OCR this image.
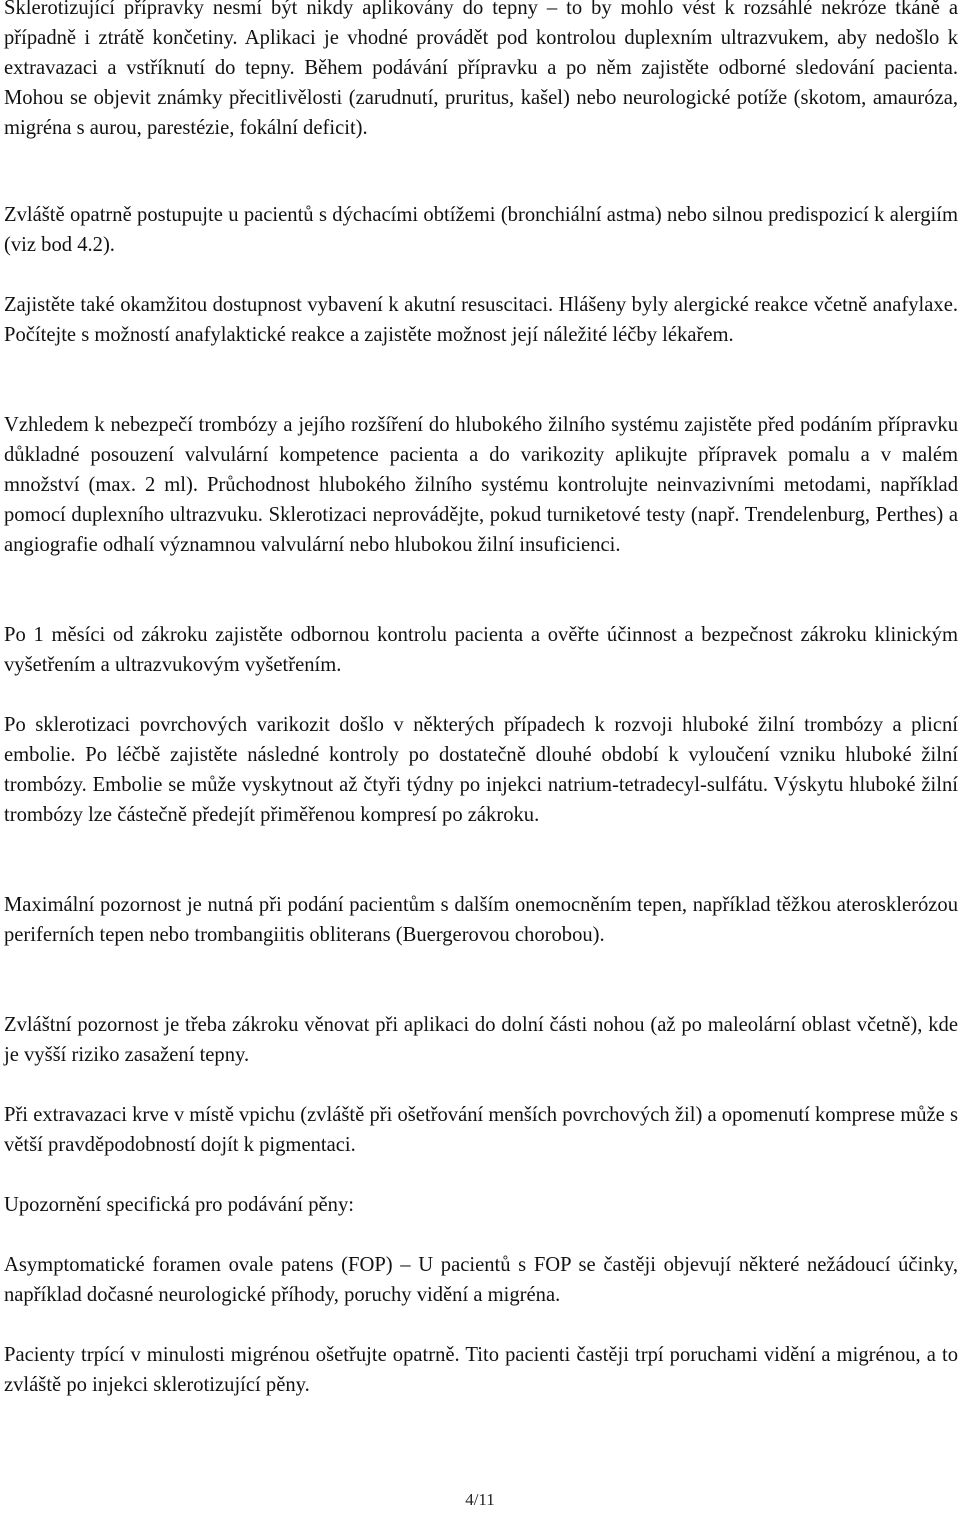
Sklerotizující přípravky nesmí být nikdy aplikovány do tepny – to by mohlo vést k rozsáhlé nekróze tkáně a případně i ztrátě končetiny. Aplikaci je vhodné provádět pod kontrolou duplexním ultrazvukem, aby nedošlo k extravazaci a vstříknutí do tepny. Během podávání přípravku a po něm zajistěte odborné sledování pacienta. Mohou se objevit známky přecitlivělosti (zarudnutí, pruritus, kašel) nebo neurologické potíže (skotom, amauróza, migréna s aurou, parestézie, fokální deficit).

Zvláště opatrně postupujte u pacientů s dýchacími obtížemi (bronchiální astma) nebo silnou predispozicí k alergiím (viz bod 4.2).

Zajistěte také okamžitou dostupnost vybavení k akutní resuscitaci. Hlášeny byly alergické reakce včetně anafylaxe. Počítejte s možností anafylaktické reakce a zajistěte možnost její náležité léčby lékařem.

Vzhledem k nebezpečí trombózy a jejího rozšíření do hlubokého žilního systému zajistěte před podáním přípravku důkladné posouzení valvulární kompetence pacienta a do varikozity aplikujte přípravek pomalu a v malém množství (max. 2 ml). Průchodnost hlubokého žilního systému kontrolujte neinvazivními metodami, například pomocí duplexního ultrazvuku. Sklerotizaci neprovádějte, pokud turniketové testy (např. Trendelenburg, Perthes) a angiografie odhalí významnou valvulární nebo hlubokou žilní insuficienci.

Po 1 měsíci od zákroku zajistěte odbornou kontrolu pacienta a ověřte účinnost a bezpečnost zákroku klinickým vyšetřením a ultrazvukovým vyšetřením.

Po sklerotizaci povrchových varikozit došlo v některých případech k rozvoji hluboké žilní trombózy a plicní embolie. Po léčbě zajistěte následné kontroly po dostatečně dlouhé období k vyloučení vzniku hluboké žilní trombózy. Embolie se může vyskytnout až čtyři týdny po injekci natrium-tetradecyl-sulfátu. Výskytu hluboké žilní trombózy lze částečně předejít přiměřenou kompresí po zákroku.

Maximální pozornost je nutná při podání pacientům s dalším onemocněním tepen, například těžkou aterosklerózou periferních tepen nebo trombangiitis obliterans (Buergerovou chorobou).

Zvláštní pozornost je třeba zákroku věnovat při aplikaci do dolní části nohou (až po maleolární oblast včetně), kde je vyšší riziko zasažení tepny.

Při extravazaci krve v místě vpichu (zvláště při ošetřování menších povrchových žil) a opomenutí komprese může s větší pravděpodobností dojít k pigmentaci.

Upozornění specifická pro podávání pěny:

Asymptomatické foramen ovale patens (FOP) – U pacientů s FOP se častěji objevují některé nežádoucí účinky, například dočasné neurologické příhody, poruchy vidění a migréna.

Pacienty trpící v minulosti migrénou ošetřujte opatrně. Tito pacienti častěji trpí poruchami vidění a migrénou, a to zvláště po injekci sklerotizující pěny.

4/11
